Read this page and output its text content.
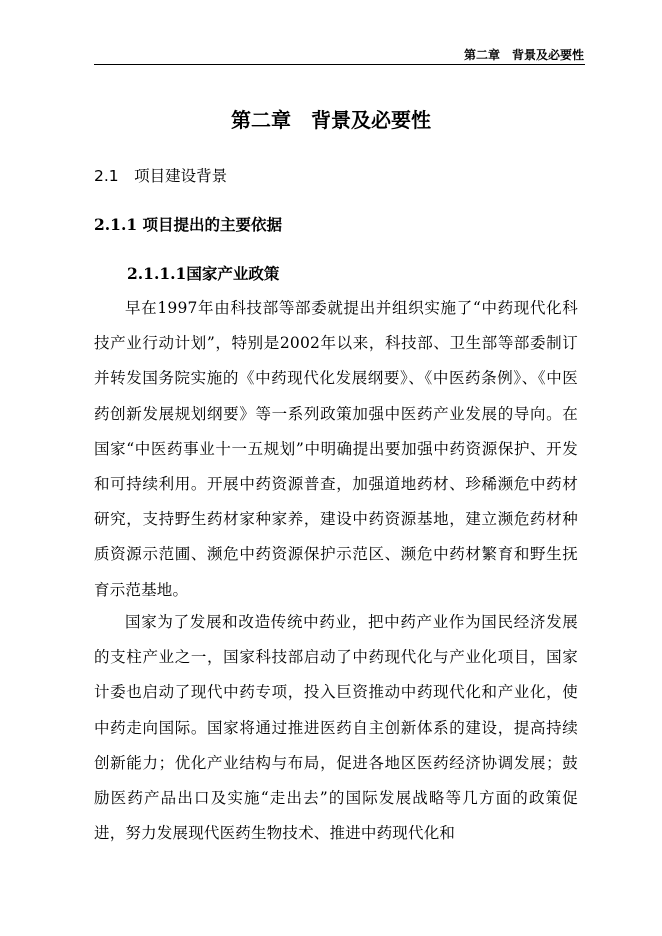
第二章　背景及必要性
第二章　背景及必要性
2.1　项目建设背景
2.1.1 项目提出的主要依据
2.1.1.1国家产业政策
早在1997年由科技部等部委就提出并组织实施了“中药现代化科技产业行动计划”，特别是2002年以来，科技部、卫生部等部委制订并转发国务院实施的《中药现代化发展纲要》、《中医药条例》、《中医药创新发展规划纲要》等一系列政策加强中医药产业发展的导向。在国家“中医药事业十一五规划”中明确提出要加强中药资源保护、开发和可持续利用。开展中药资源普查，加强道地药材、珍稀濒危中药材研究，支持野生药材家种家养，建设中药资源基地，建立濒危药材种质资源示范圃、濒危中药资源保护示范区、濒危中药材繁育和野生抚育示范基地。
国家为了发展和改造传统中药业，把中药产业作为国民经济发展的支柱产业之一，国家科技部启动了中药现代化与产业化项目，国家计委也启动了现代中药专项，投入巨资推动中药现代化和产业化，使中药走向国际。国家将通过推进医药自主创新体系的建设，提高持续创新能力；优化产业结构与布局，促进各地区医药经济协调发展；鼓励医药产品出口及实施“走出去”的国际发展战略等几方面的政策促进，努力发展现代医药生物技术、推进中药现代化和
